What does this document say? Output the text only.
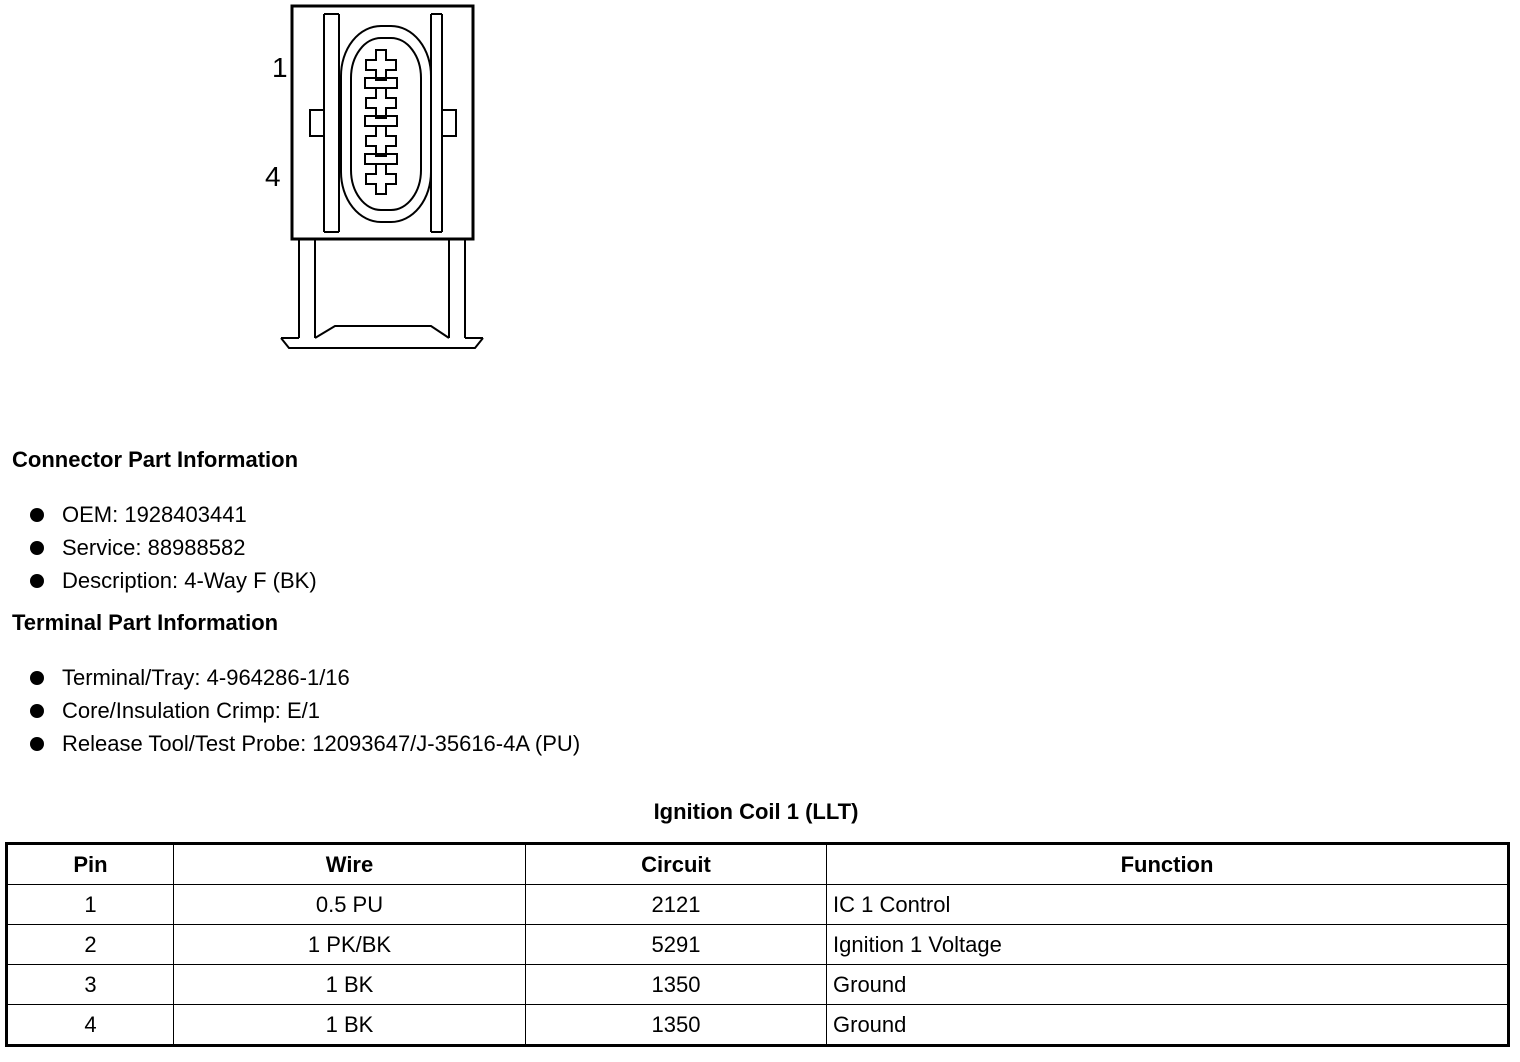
1
4
Connector Part Information
OEM: 1928403441
Service: 88988582
Description: 4-Way F (BK)
Terminal Part Information
Terminal/Tray: 4-964286-1/16
Core/Insulation Crimp: E/1
Release Tool/Test Probe: 12093647/J-35616-4A (PU)
Ignition Coil 1 (LLT)
Pin	Wire	Circuit	Function
1	0.5 PU	2121	IC 1 Control
2	1 PK/BK	5291	Ignition 1 Voltage
3	1 BK	1350	Ground
4	1 BK	1350	Ground
